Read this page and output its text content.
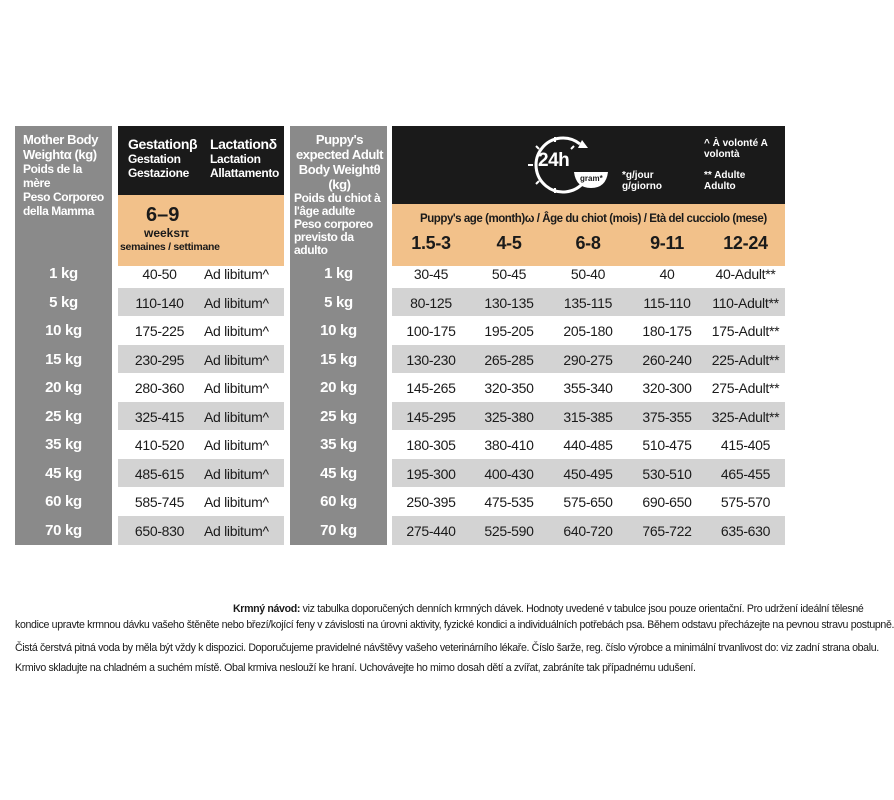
Mother Body Weightα (kg)
Poids de la mère
Peso Corporeo della Mamma
Gestationβ
Gestation
Gestazione
Lactationδ
Lactation
Allattamento
6–9
weeksπ
semaines / settimane
Puppy's expected Adult Body Weightθ (kg)
Poids du chiot à l'âge adulte
Peso corporeo previsto da adulto
24h
gram* *g/jour g/giorno
^ À volonté A volontà
** Adulte Adulto
Puppy's age (month)ω / Âge du chiot (mois) / Età del cucciolo (mese)
1.5-3	4-5	6-8	9-11	12-24
1 kg	40-50	Ad libitum^	1 kg	30-45	50-45	50-40	40	40-Adult**
5 kg	110-140	Ad libitum^	5 kg	80-125	130-135	135-115	115-110	110-Adult**
10 kg	175-225	Ad libitum^	10 kg	100-175	195-205	205-180	180-175	175-Adult**
15 kg	230-295	Ad libitum^	15 kg	130-230	265-285	290-275	260-240	225-Adult**
20 kg	280-360	Ad libitum^	20 kg	145-265	320-350	355-340	320-300	275-Adult**
25 kg	325-415	Ad libitum^	25 kg	145-295	325-380	315-385	375-355	325-Adult**
35 kg	410-520	Ad libitum^	35 kg	180-305	380-410	440-485	510-475	415-405
45 kg	485-615	Ad libitum^	45 kg	195-300	400-430	450-495	530-510	465-455
60 kg	585-745	Ad libitum^	60 kg	250-395	475-535	575-650	690-650	575-570
70 kg	650-830	Ad libitum^	70 kg	275-440	525-590	640-720	765-722	635-630
Krmný návod: viz tabulka doporučených denních krmných dávek. Hodnoty uvedené v tabulce jsou pouze orientační. Pro udržení ideální tělesné
kondice upravte krmnou dávku vašeho štěněte nebo březí/kojící feny v závislosti na úrovni aktivity, fyzické kondici a individuálních potřebách psa. Během odstavu přecházejte na pevnou stravu postupně.
Čistá čerstvá pitná voda by měla být vždy k dispozici. Doporučujeme pravidelné návštěvy vašeho veterinárního lékaře. Číslo šarže, reg. číslo výrobce a minimální trvanlivost do: viz zadní strana obalu.
Krmivo skladujte na chladném a suchém místě. Obal krmiva neslouží ke hraní. Uchovávejte ho mimo dosah dětí a zvířat, zabráníte tak případnému udušení.
